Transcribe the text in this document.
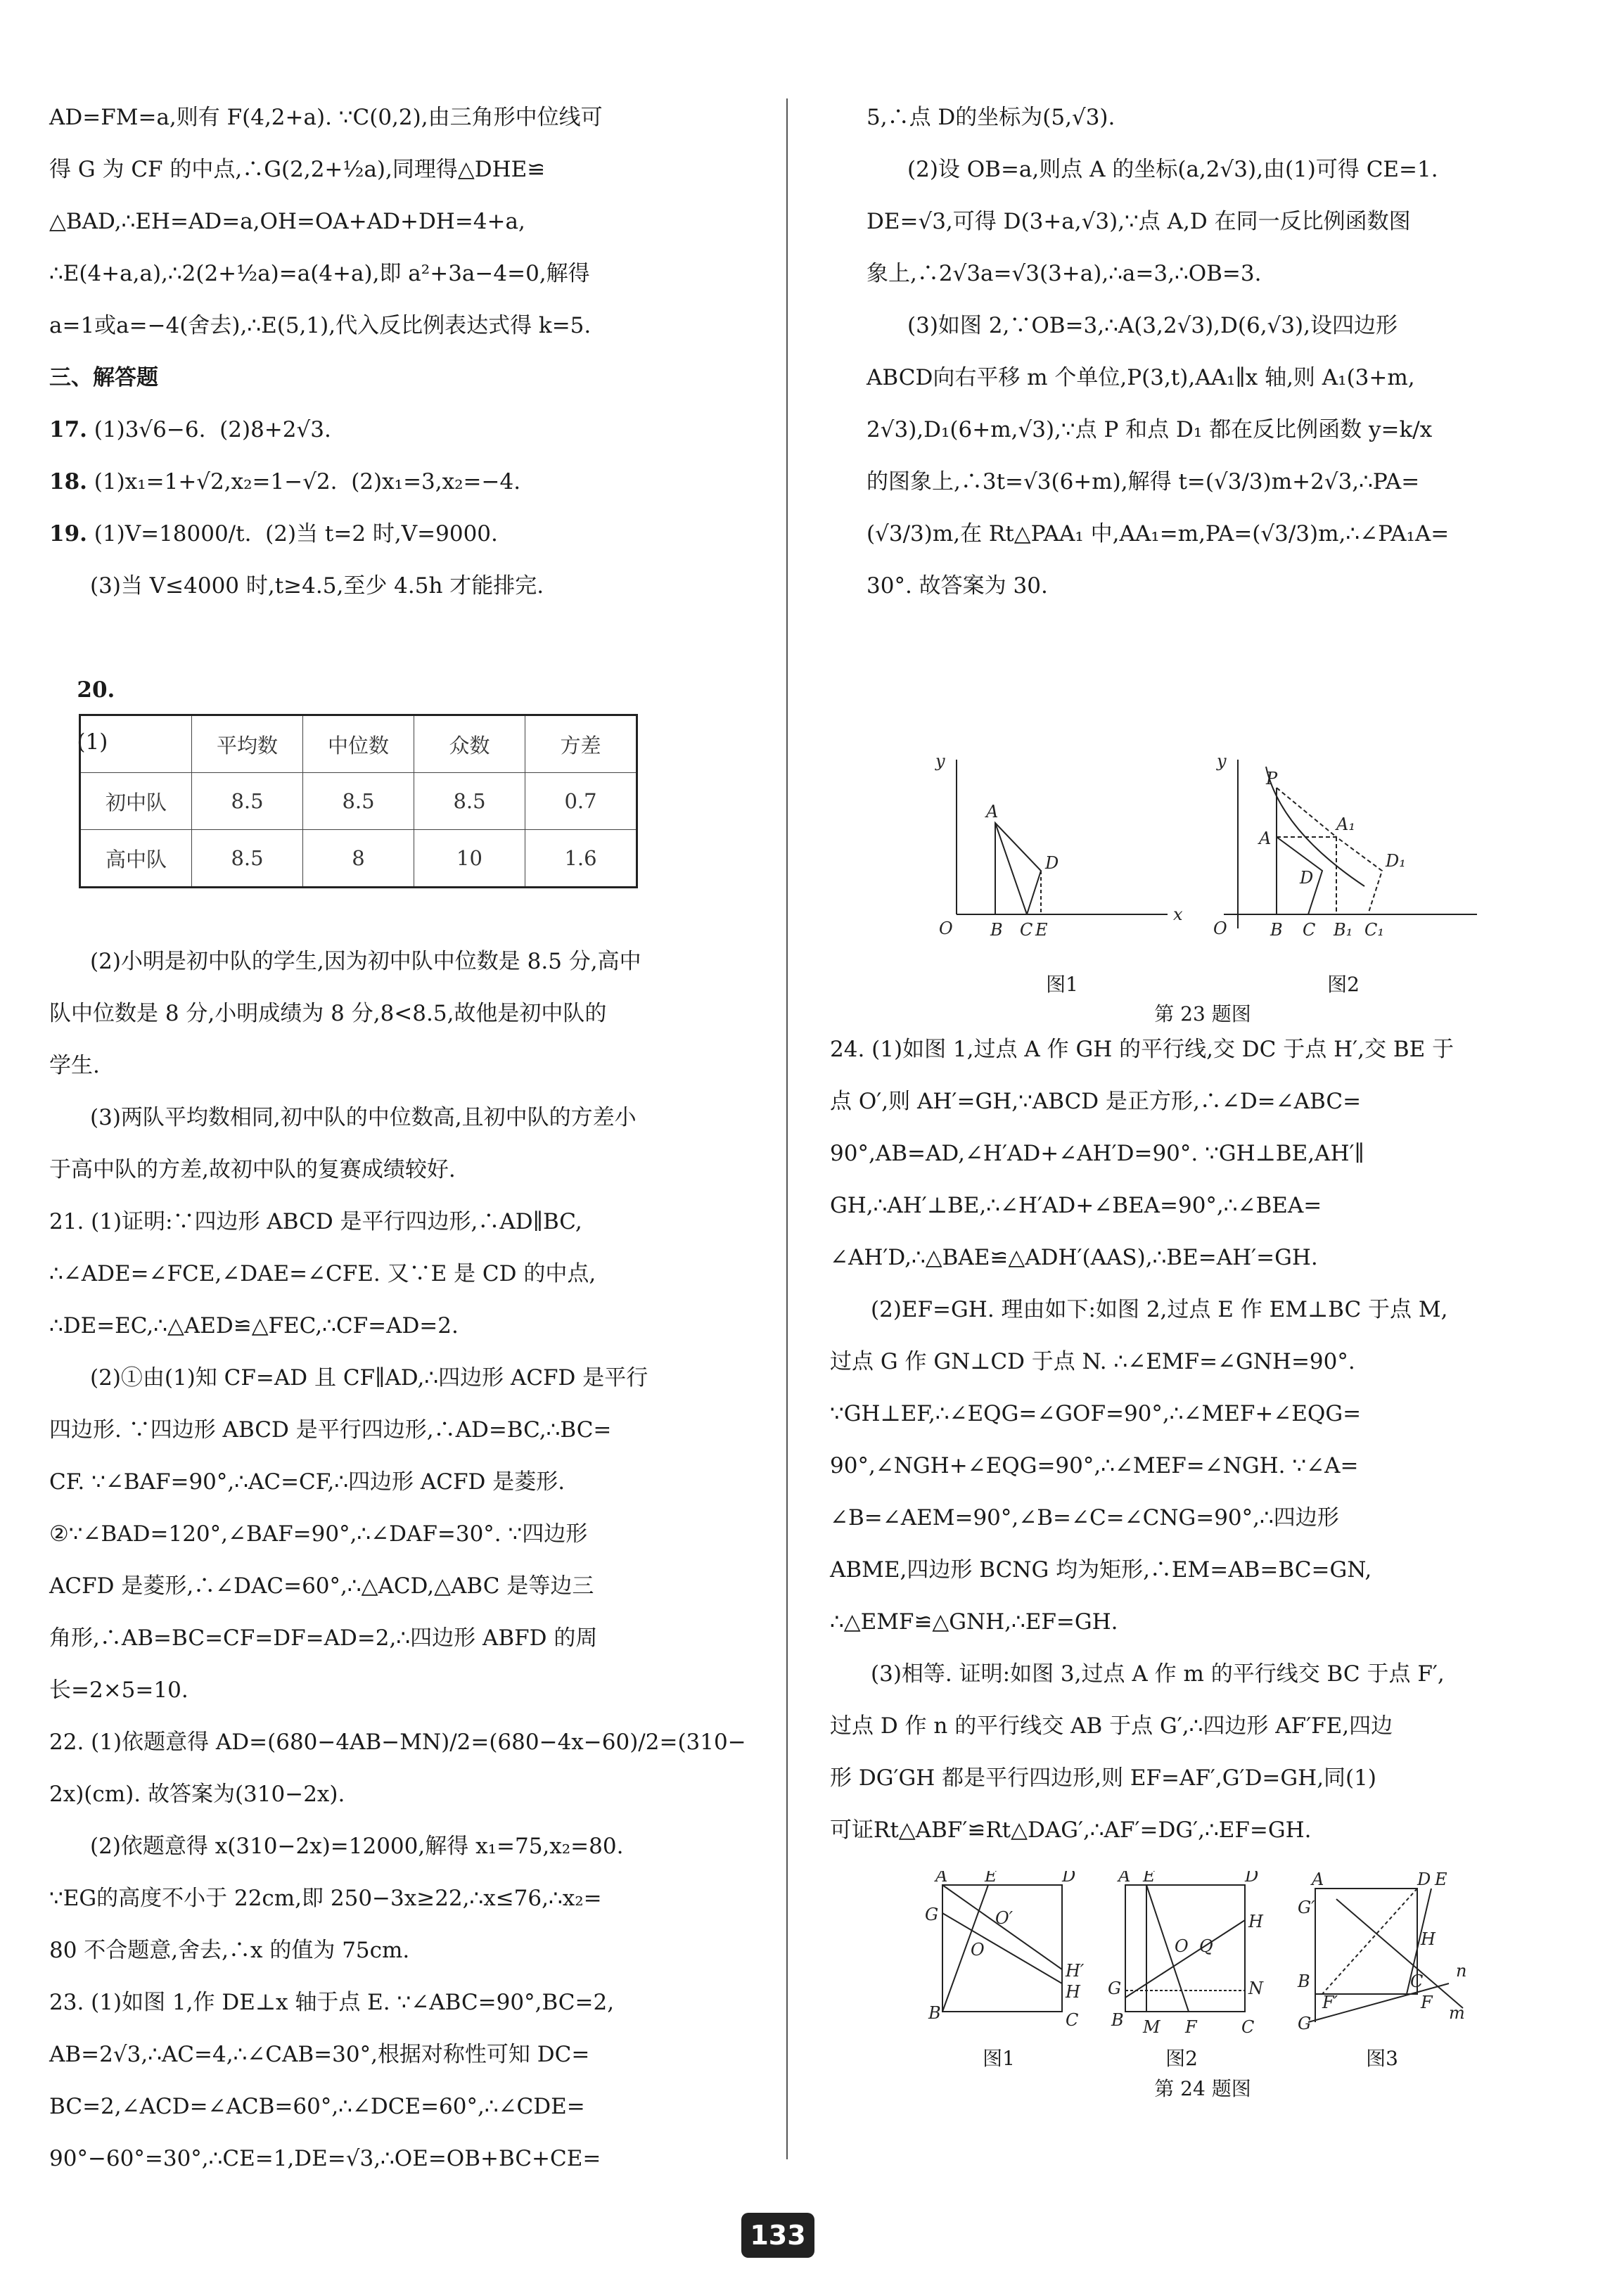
AD=FM=a,则有 F(4,2+a). ∵C(0,2),由三角形中位线可
得 G 为 CF 的中点,∴G(2,2+½a),同理得△DHE≌
△BAD,∴EH=AD=a,OH=OA+AD+DH=4+a,
∴E(4+a,a),∴2(2+½a)=a(4+a),即 a²+3a−4=0,解得
a=1或a=−4(舍去),∴E(5,1),代入反比例表达式得 k=5.
三、解答题
17. (1)3√6−6.  (2)8+2√3.
18. (1)x₁=1+√2,x₂=1−√2.  (2)x₁=3,x₂=−4.
19. (1)V=18000/t.  (2)当 t=2 时,V=9000.
(3)当 V≤4000 时,t≥4.5,至少 4.5h 才能排完.

20.
(1)

		平均数	中位数	众数	方差
初中队	8.5	8.5	8.5	0.7
高中队	8.5	8	10	1.6
(2)小明是初中队的学生,因为初中队中位数是 8.5 分,高中
队中位数是 8 分,小明成绩为 8 分,8<8.5,故他是初中队的
学生.
(3)两队平均数相同,初中队的中位数高,且初中队的方差小
于高中队的方差,故初中队的复赛成绩较好.
21. (1)证明:∵四边形 ABCD 是平行四边形,∴AD∥BC,
∴∠ADE=∠FCE,∠DAE=∠CFE. 又∵E 是 CD 的中点,
∴DE=EC,∴△AED≌△FEC,∴CF=AD=2.
(2)①由(1)知 CF=AD 且 CF∥AD,∴四边形 ACFD 是平行
四边形. ∵四边形 ABCD 是平行四边形,∴AD=BC,∴BC=
CF. ∵∠BAF=90°,∴AC=CF,∴四边形 ACFD 是菱形.
②∵∠BAD=120°,∠BAF=90°,∴∠DAF=30°. ∵四边形
ACFD 是菱形,∴∠DAC=60°,∴△ACD,△ABC 是等边三
角形,∴AB=BC=CF=DF=AD=2,∴四边形 ABFD 的周
长=2×5=10.
22. (1)依题意得 AD=(680−4AB−MN)/2=(680−4x−60)/2=(310−
2x)(cm). 故答案为(310−2x).
(2)依题意得 x(310−2x)=12000,解得 x₁=75,x₂=80.
∵EG的高度不小于 22cm,即 250−3x≥22,∴x≤76,∴x₂=
80 不合题意,舍去,∴x 的值为 75cm.
23. (1)如图 1,作 DE⊥x 轴于点 E. ∵∠ABC=90°,BC=2,
AB=2√3,∴AC=4,∴∠CAB=30°,根据对称性可知 DC=
BC=2,∠ACD=∠ACB=60°,∴∠DCE=60°,∴∠CDE=
90°−60°=30°,∴CE=1,DE=√3,∴OE=OB+BC+CE=
5,∴点 D的坐标为(5,√3).
(2)设 OB=a,则点 A 的坐标(a,2√3),由(1)可得 CE=1.
DE=√3,可得 D(3+a,√3),∵点 A,D 在同一反比例函数图
象上,∴2√3a=√3(3+a),∴a=3,∴OB=3.
(3)如图 2,∵OB=3,∴A(3,2√3),D(6,√3),设四边形
ABCD向右平移 m 个单位,P(3,t),AA₁∥x 轴,则 A₁(3+m,
2√3),D₁(6+m,√3),∵点 P 和点 D₁ 都在反比例函数 y=k/x
的图象上,∴3t=√3(6+m),解得 t=(√3/3)m+2√3,∴PA=
(√3/3)m,在 Rt△PAA₁ 中,AA₁=m,PA=(√3/3)m,∴∠PA₁A=
30°. 故答案为 30.
y
x
O
A
B C E
D
y
O
P
A
B C B₁ C₁
A₁
D
D₁
图1	图2
第 23 题图
24. (1)如图 1,过点 A 作 GH 的平行线,交 DC 于点 H′,交 BE 于
点 O′,则 AH′=GH,∵ABCD 是正方形,∴∠D=∠ABC=
90°,AB=AD,∠H′AD+∠AH′D=90°. ∵GH⊥BE,AH′∥
GH,∴AH′⊥BE,∴∠H′AD+∠BEA=90°,∴∠BEA=
∠AH′D,∴△BAE≌△ADH′(AAS),∴BE=AH′=GH.
(2)EF=GH. 理由如下:如图 2,过点 E 作 EM⊥BC 于点 M,
过点 G 作 GN⊥CD 于点 N. ∴∠EMF=∠GNH=90°.
∵GH⊥EF,∴∠EQG=∠GOF=90°,∴∠MEF+∠EQG=
90°,∠NGH+∠EQG=90°,∴∠MEF=∠NGH. ∵∠A=
∠B=∠AEM=90°,∠B=∠C=∠CNG=90°,∴四边形
ABME,四边形 BCNG 均为矩形,∴EM=AB=BC=GN,
∴△EMF≌△GNH,∴EF=GH.
(3)相等. 证明:如图 3,过点 A 作 m 的平行线交 BC 于点 F′,
过点 D 作 n 的平行线交 AB 于点 G′,∴四边形 AF′FE,四边
形 DG′GH 都是平行四边形,则 EF=AF′,G′D=GH,同(1)
可证Rt△ABF′≌Rt△DAG′,∴AF′=DG′,∴EF=GH.
A E	D
G	O′
O
H′
H
B	C
A E	D
H
O Q
G	N
B M F	C
A	D E
G′
B
F′
C
F
n
m
G
H
图1	图2	图3
第 24 题图
133
